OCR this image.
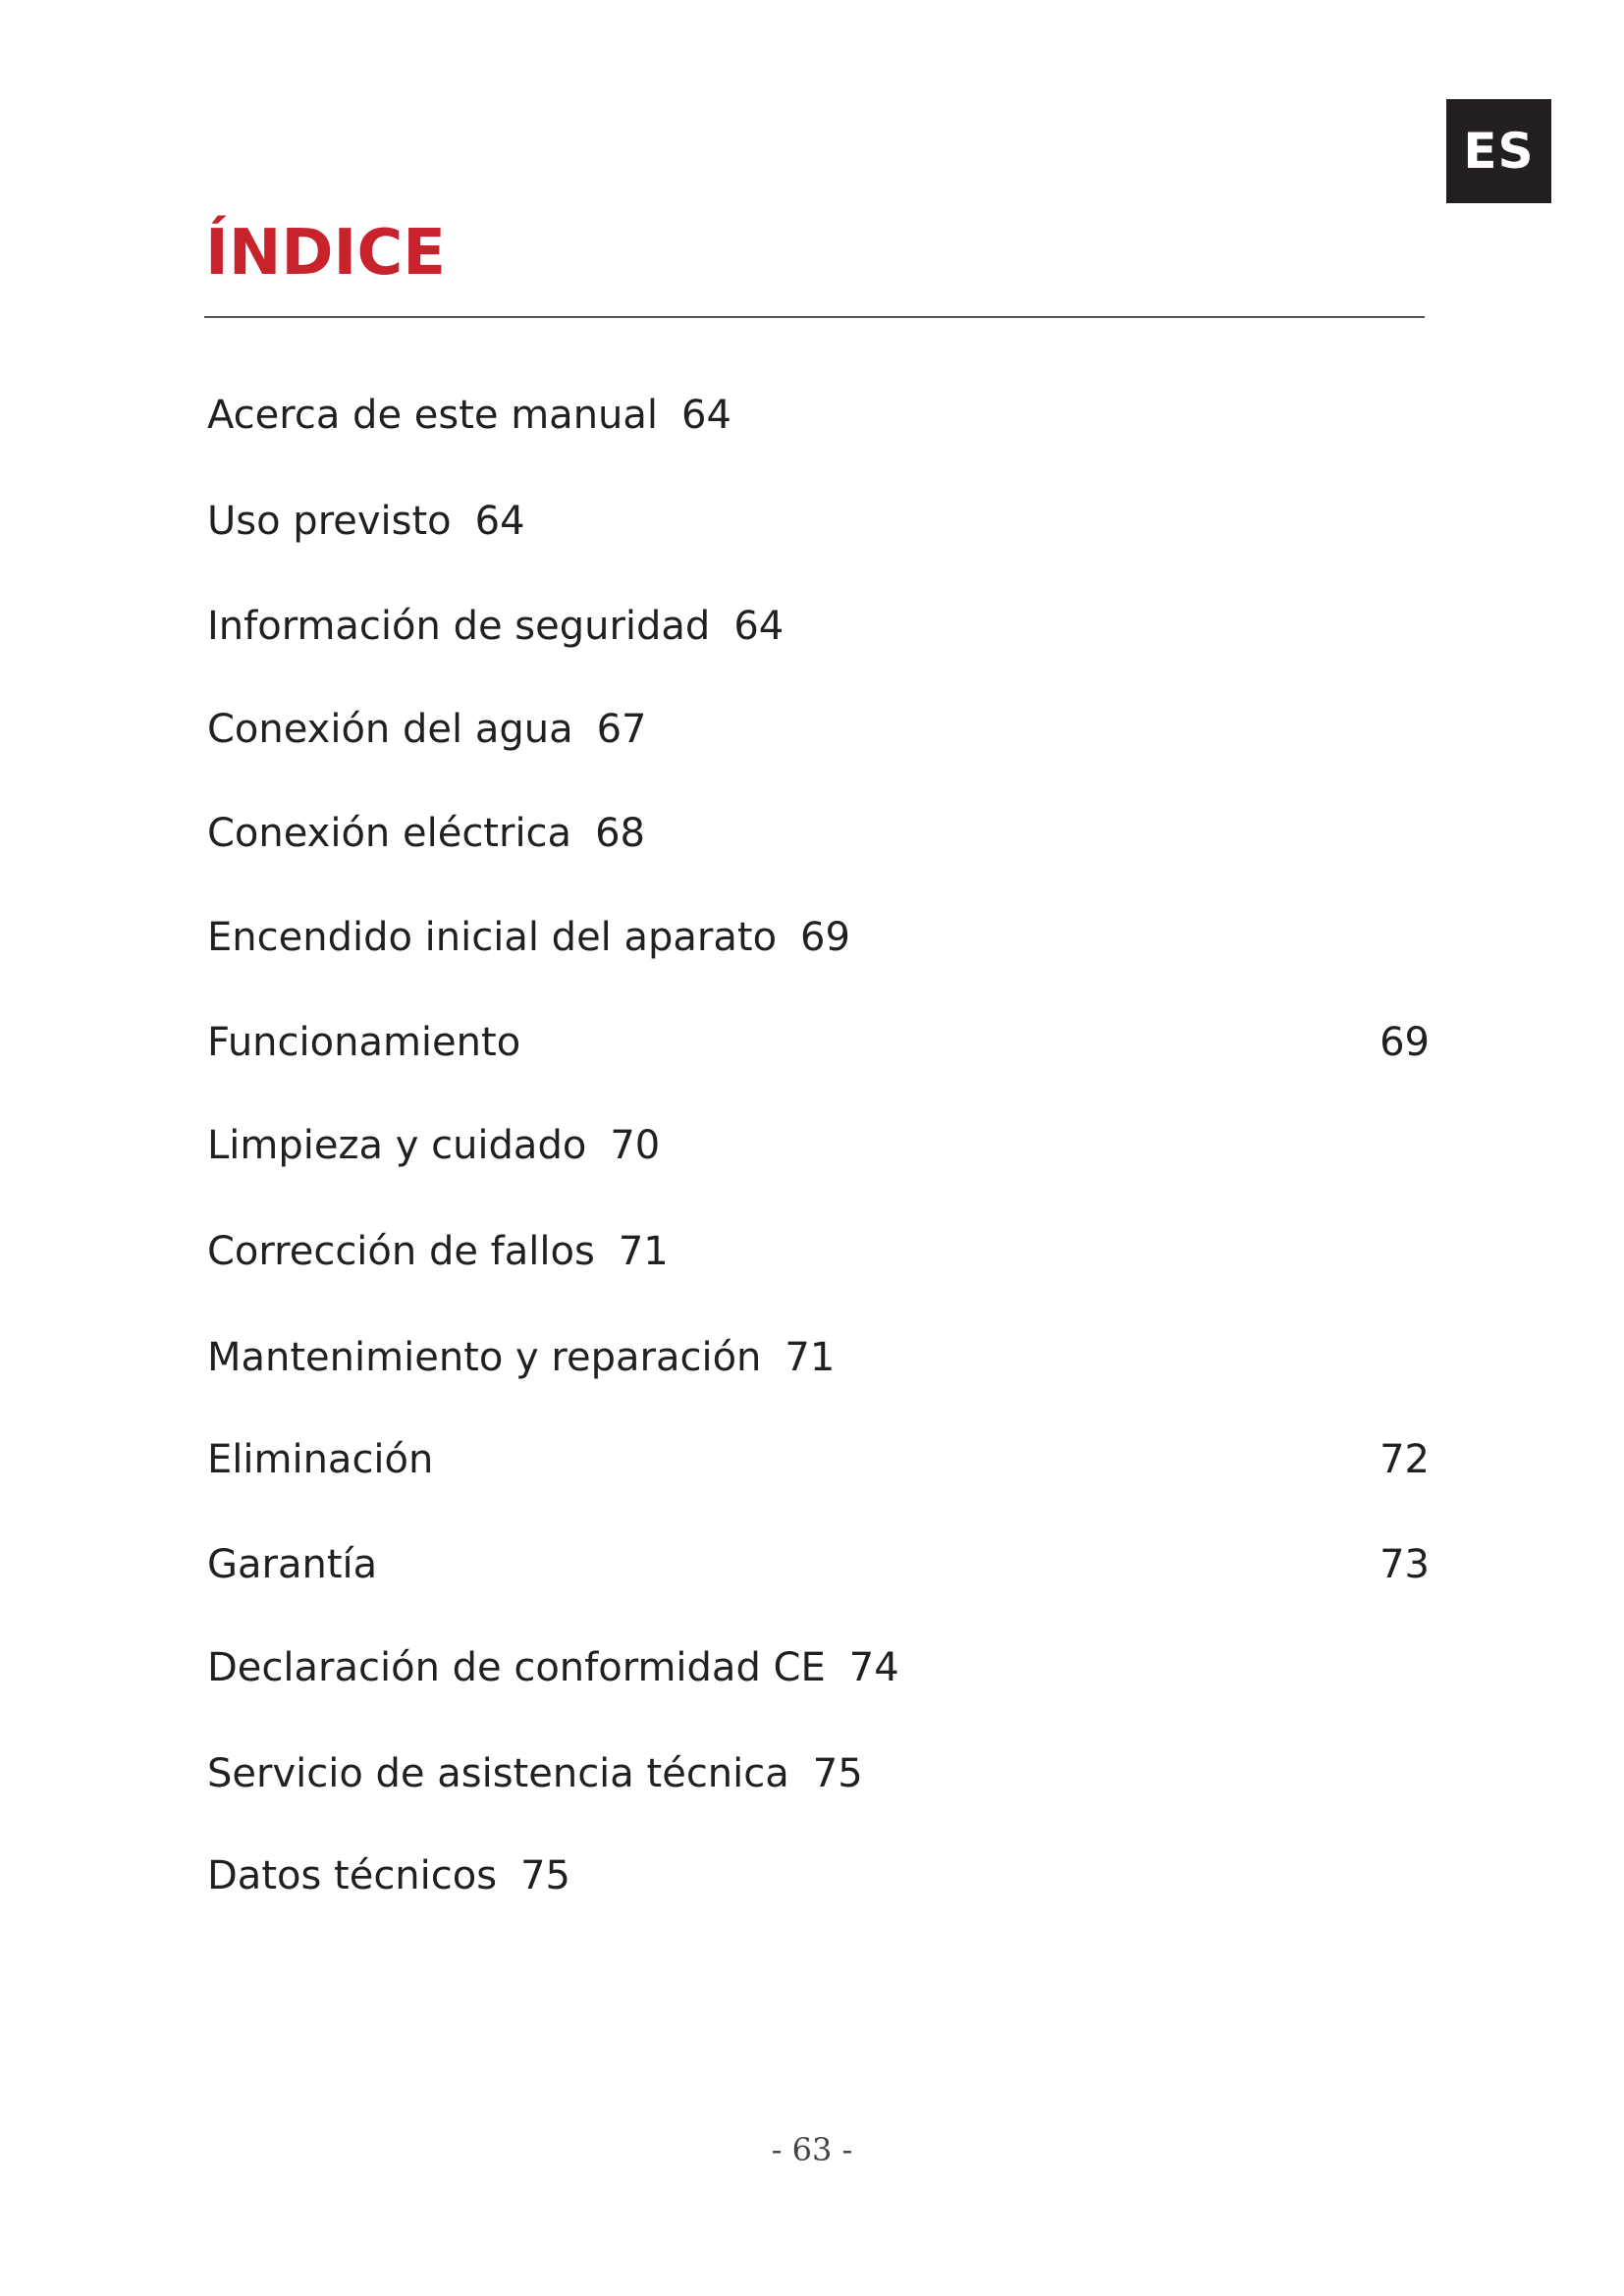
ES
ÍNDICE
Acerca de este manual 64
Uso previsto 64
Información de seguridad 64
Conexión del agua 67
Conexión eléctrica 68
Encendido inicial del aparato 69
Funcionamiento	69
Limpieza y cuidado 70
Corrección de fallos 71
Mantenimiento y reparación 71
Eliminación	72
Garantía	73
Declaración de conformidad CE 74
Servicio de asistencia técnica 75
Datos técnicos 75
- 63 -
